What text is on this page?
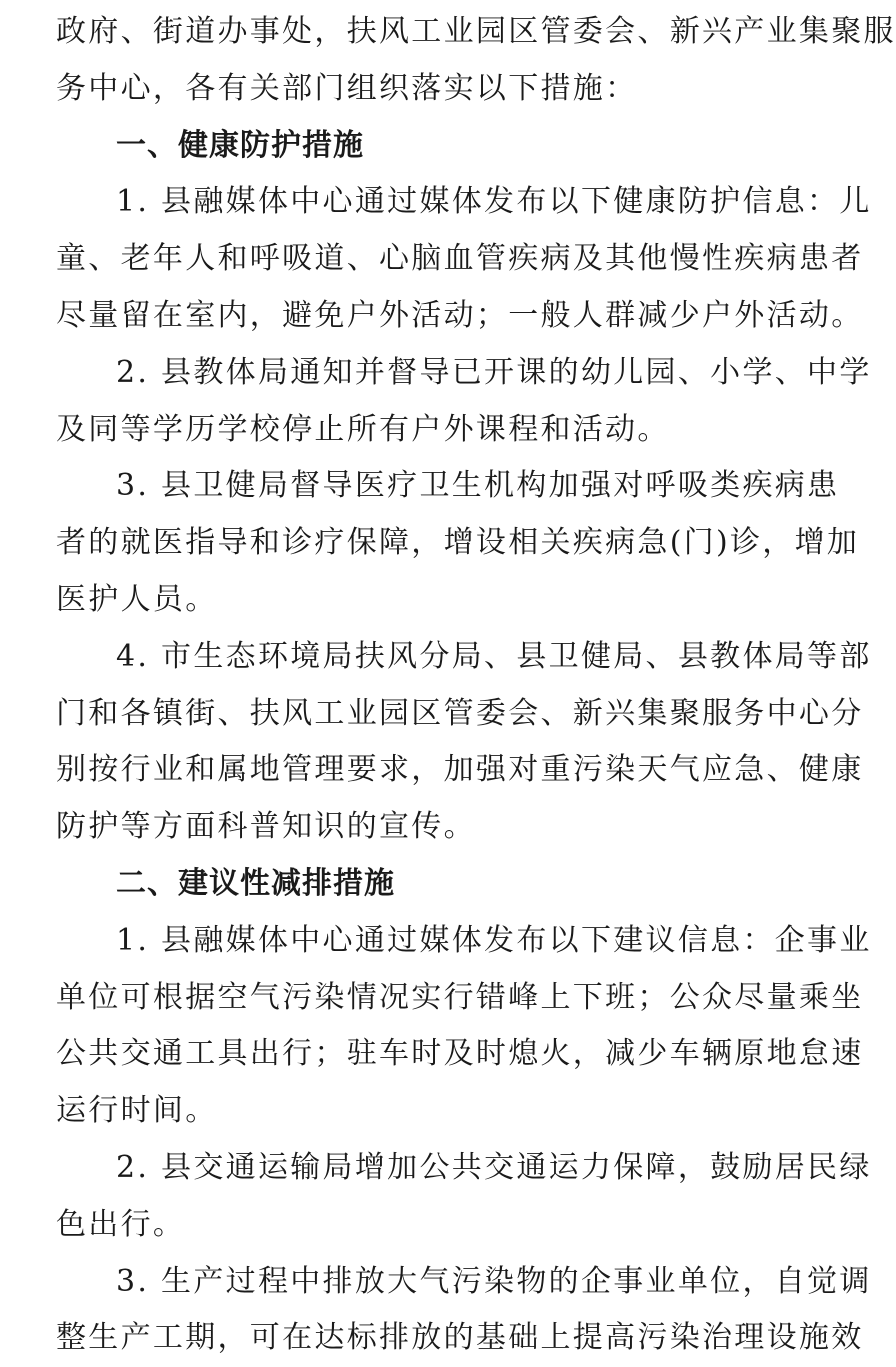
政府、街道办事处，扶风工业园区管委会、新兴产业集聚服
务中心，各有关部门组织落实以下措施：
一、健康防护措施
1. 县融媒体中心通过媒体发布以下健康防护信息：儿
童、老年人和呼吸道、心脑血管疾病及其他慢性疾病患者
尽量留在室内，避免户外活动；一般人群减少户外活动。
2. 县教体局通知并督导已开课的幼儿园、小学、中学
及同等学历学校停止所有户外课程和活动。
3. 县卫健局督导医疗卫生机构加强对呼吸类疾病患
者的就医指导和诊疗保障，增设相关疾病急(门)诊，增加
医护人员。
4. 市生态环境局扶风分局、县卫健局、县教体局等部
门和各镇街、扶风工业园区管委会、新兴集聚服务中心分
别按行业和属地管理要求，加强对重污染天气应急、健康
防护等方面科普知识的宣传。
二、建议性减排措施
1. 县融媒体中心通过媒体发布以下建议信息：企事业
单位可根据空气污染情况实行错峰上下班；公众尽量乘坐
公共交通工具出行；驻车时及时熄火，减少车辆原地怠速
运行时间。
2. 县交通运输局增加公共交通运力保障，鼓励居民绿
色出行。
3. 生产过程中排放大气污染物的企事业单位，自觉调
整生产工期，可在达标排放的基础上提高污染治理设施效
